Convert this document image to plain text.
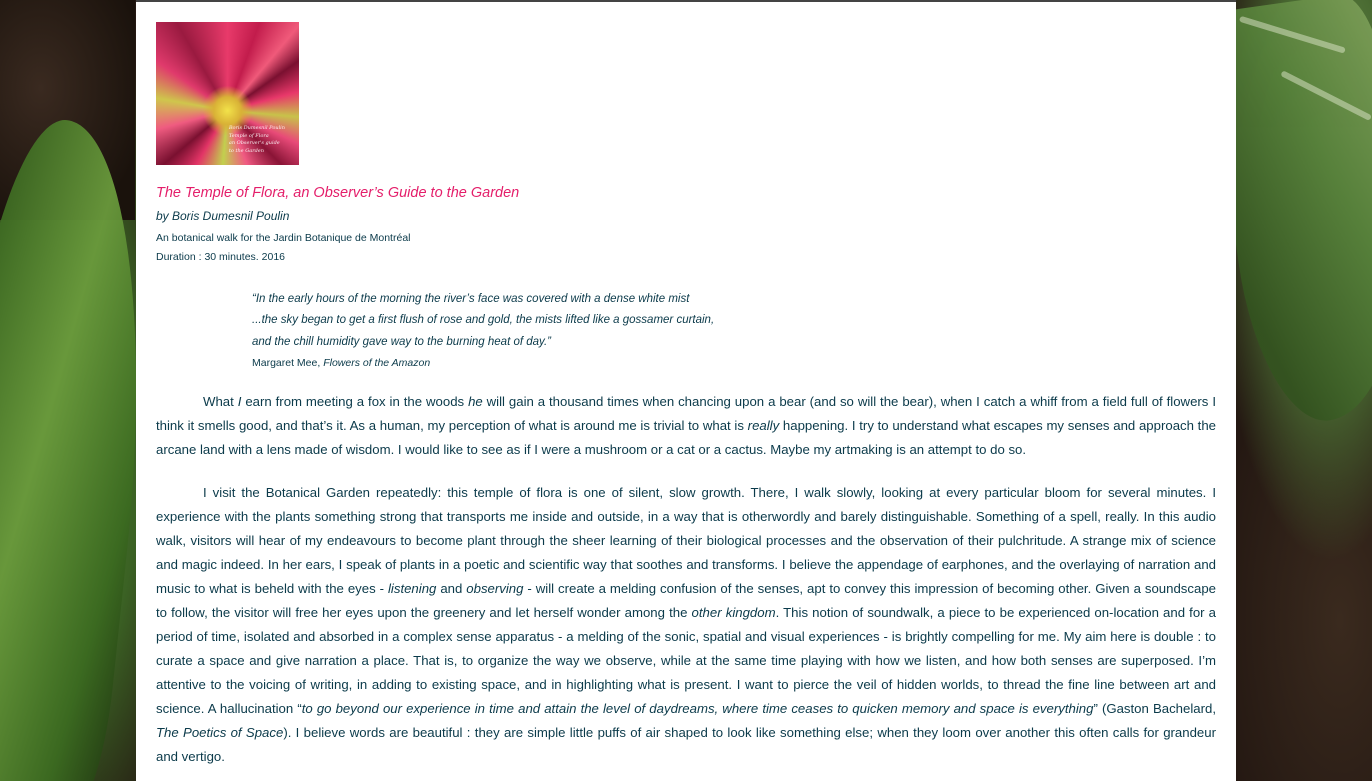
Boris Dumesnil Poulin
Temple of Flora
an Observer's guide
to the Garden
The Temple of Flora, an Observer’s Guide to the Garden
by Boris Dumesnil Poulin
An botanical walk for the Jardin Botanique de Montréal
Duration : 30 minutes. 2016
“In the early hours of the morning the river’s face was covered with a dense white mist
...the sky began to get a first flush of rose and gold, the mists lifted like a gossamer curtain,
and the chill humidity gave way to the burning heat of day.”
Margaret Mee, Flowers of the Amazon

What I earn from meeting a fox in the woods he will gain a thousand times when chancing upon a bear (and so will the bear), when I catch a whiff from a field full of flowers I think it smells good, and that’s it. As a human, my perception of what is around me is trivial to what is really happening. I try to understand what escapes my senses and approach the arcane land with a lens made of wisdom. I would like to see as if I were a mushroom or a cat or a cactus. Maybe my artmaking is an attempt to do so.

I visit the Botanical Garden repeatedly: this temple of flora is one of silent, slow growth. There, I walk slowly, looking at every particular bloom for several minutes. I experience with the plants something strong that transports me inside and outside, in a way that is otherwordly and barely distinguishable. Something of a spell, really. In this audio walk, visitors will hear of my endeavours to become plant through the sheer learning of their biological processes and the observation of their pulchritude. A strange mix of science and magic indeed. In her ears, I speak of plants in a poetic and scientific way that soothes and transforms. I believe the appendage of earphones, and the overlaying of narration and music to what is beheld with the eyes - listening and observing - will create a melding confusion of the senses, apt to convey this impression of becoming other. Given a soundscape to follow, the visitor will free her eyes upon the greenery and let herself wonder among the other kingdom. This notion of soundwalk, a piece to be experienced on-location and for a period of time, isolated and absorbed in a complex sense apparatus - a melding of the sonic, spatial and visual experiences - is brightly compelling for me. My aim here is double : to curate a space and give narration a place. That is, to organize the way we observe, while at the same time playing with how we listen, and how both senses are superposed. I’m attentive to the voicing of writing, in adding to existing space, and in highlighting what is present. I want to pierce the veil of hidden worlds, to thread the fine line between art and science. A hallucination “to go beyond our experience in time and attain the level of daydreams, where time ceases to quicken memory and space is everything” (Gaston Bachelard, The Poetics of Space). I believe words are beautiful : they are simple little puffs of air shaped to look like something else; when they loom over another this often calls for grandeur and vertigo.
